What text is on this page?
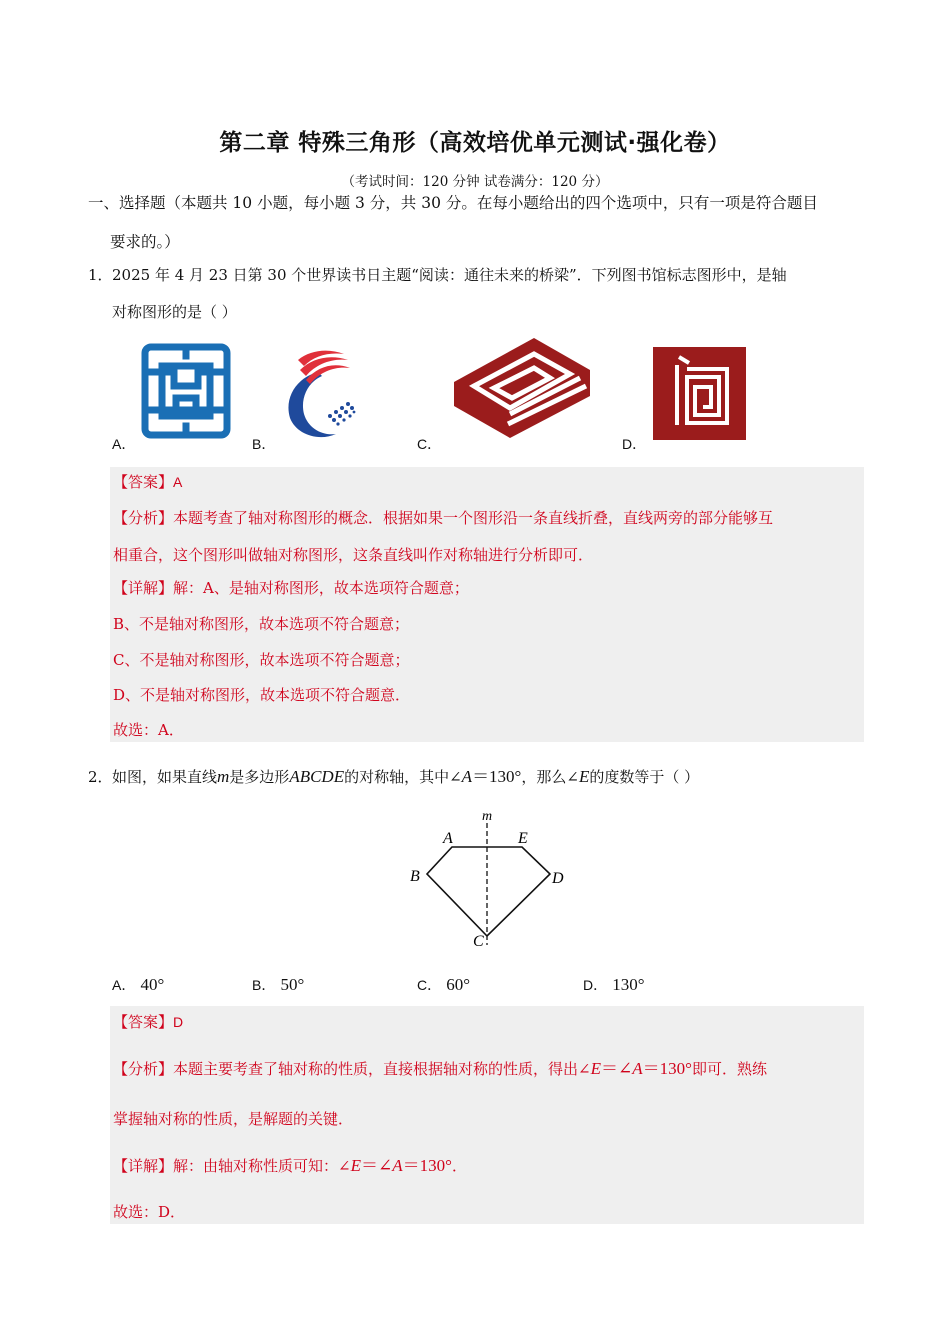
第二章 特殊三角形（高效培优单元测试·强化卷）
（考试时间：120 分钟 试卷满分：120 分）
一、选择题（本题共 10 小题，每小题 3 分，共 30 分。在每小题给出的四个选项中，只有一项是符合题目
要求的。）
1． 2025 年 4 月 23 日第 30 个世界读书日主题“阅读：通往未来的桥梁”．下列图书馆标志图形中，是轴
对称图形的是（ ）
A．	B．	C．	D．
【答案】A
【分析】本题考查了轴对称图形的概念．根据如果一个图形沿一条直线折叠，直线两旁的部分能够互
相重合，这个图形叫做轴对称图形，这条直线叫作对称轴进行分析即可．
【详解】解：A、是轴对称图形，故本选项符合题意；
B、不是轴对称图形，故本选项不符合题意；
C、不是轴对称图形，故本选项不符合题意；
D、不是轴对称图形，故本选项不符合题意．
故选：A．
2． 如图，如果直线m是多边形ABCDE的对称轴，其中∠A＝130°，那么∠E的度数等于（ ）
m
A	E
B	D
C
A． 40°	B． 50°	C． 60°	D． 130°
【答案】D
【分析】本题主要考查了轴对称的性质，直接根据轴对称的性质，得出∠E＝∠A＝130°即可．熟练
掌握轴对称的性质，是解题的关键．
【详解】解：由轴对称性质可知：∠E＝∠A＝130°．
故选：D．
